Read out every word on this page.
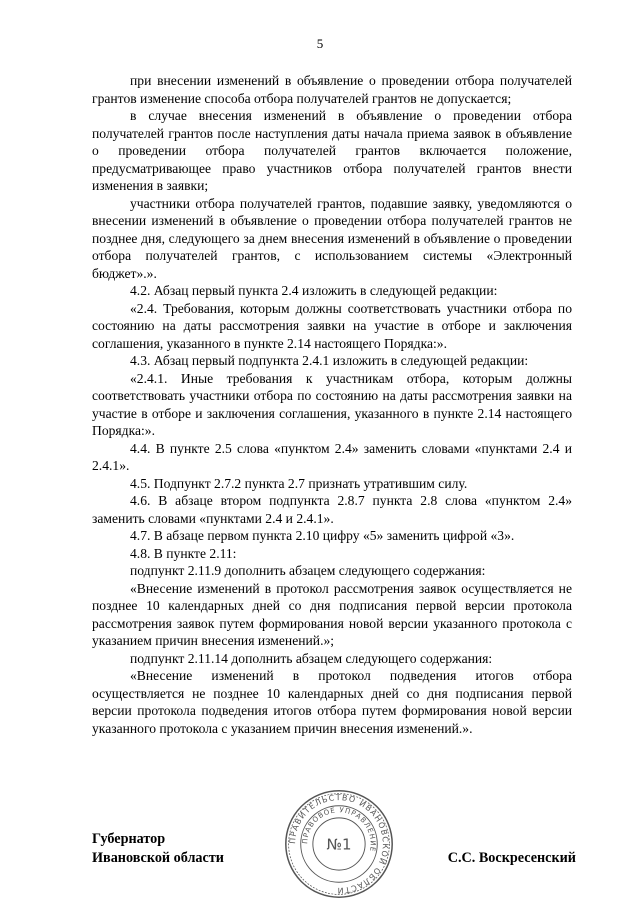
5

при внесении изменений в объявление о проведении отбора получателей грантов изменение способа отбора получателей грантов не допускается;

в случае внесения изменений в объявление о проведении отбора получателей грантов после наступления даты начала приема заявок в объявление о проведении отбора получателей грантов включается положение, предусматривающее право участников отбора получателей грантов внести изменения в заявки;

участники отбора получателей грантов, подавшие заявку, уведомляются о внесении изменений в объявление о проведении отбора получателей грантов не позднее дня, следующего за днем внесения изменений в объявление о проведении отбора получателей грантов, с использованием системы «Электронный бюджет».».

4.2. Абзац первый пункта 2.4 изложить в следующей редакции:

«2.4. Требования, которым должны соответствовать участники отбора по состоянию на даты рассмотрения заявки на участие в отборе и заключения соглашения, указанного в пункте 2.14 настоящего Порядка:».

4.3. Абзац первый подпункта 2.4.1 изложить в следующей редакции:

«2.4.1. Иные требования к участникам отбора, которым должны соответствовать участники отбора по состоянию на даты рассмотрения заявки на участие в отборе и заключения соглашения, указанного в пункте 2.14 настоящего Порядка:».

4.4. В пункте 2.5 слова «пунктом 2.4» заменить словами «пунктами 2.4 и 2.4.1».

4.5. Подпункт 2.7.2 пункта 2.7 признать утратившим силу.

4.6. В абзаце втором подпункта 2.8.7 пункта 2.8 слова «пунктом 2.4» заменить словами «пунктами 2.4 и 2.4.1».

4.7. В абзаце первом пункта 2.10 цифру «5» заменить цифрой «3».

4.8. В пункте 2.11:

подпункт 2.11.9 дополнить абзацем следующего содержания:

«Внесение изменений в протокол рассмотрения заявок осуществляется не позднее 10 календарных дней со дня подписания первой версии протокола рассмотрения заявок путем формирования новой версии указанного протокола с указанием причин внесения изменений.»;

подпункт 2.11.14 дополнить абзацем следующего содержания:

«Внесение изменений в протокол подведения итогов отбора осуществляется не позднее 10 календарных дней со дня подписания первой версии протокола подведения итогов отбора путем формирования новой версии указанного протокола с указанием причин внесения изменений.».

Губернатор
Ивановской области	С.С. Воскресенский
ПРАВИТЕЛЬСТВО ИВАНОВСКОЙ ОБЛАСТИ
ПРАВОВОЕ УПРАВЛЕНИЕ
№1
